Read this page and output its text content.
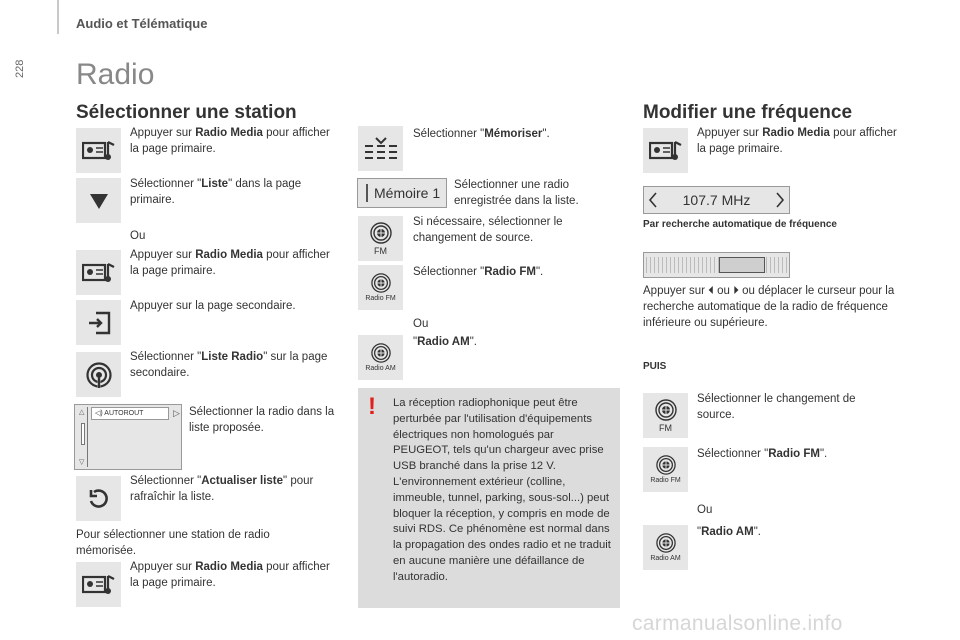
Audio et Télématique
228 Radio
Sélectionner une station
Appuyer sur Radio Media pour afficher la page primaire.
Sélectionner "Liste" dans la page primaire.
Ou
Appuyer sur Radio Media pour afficher la page primaire.
Appuyer sur la page secondaire.
Sélectionner "Liste Radio" sur la page secondaire.
△
▽
◁) AUTOROUT	▷ Sélectionner la radio dans la liste proposée.
Sélectionner "Actualiser liste" pour rafraîchir la liste.
Pour sélectionner une station de radio mémorisée.
Appuyer sur Radio Media pour afficher la page primaire.
Sélectionner "Mémoriser".
Mémoire 1 Sélectionner une radio enregistrée dans la liste.
FM
Si nécessaire, sélectionner le changement de source.
Radio FM
Sélectionner "Radio FM".
Ou
Radio AM
"Radio AM".
! La réception radiophonique peut être perturbée par l'utilisation d'équipements électriques non homologués par PEUGEOT, tels qu'un chargeur avec prise USB branché dans la prise 12 V. L'environnement extérieur (colline, immeuble, tunnel, parking, sous-sol...) peut bloquer la réception, y compris en mode de suivi RDS. Ce phénomène est normal dans la propagation des ondes radio et ne traduit en aucune manière une défaillance de l'autoradio.
Modifier une fréquence
Appuyer sur Radio Media pour afficher la page primaire.
107.7 MHz
Par recherche automatique de fréquence
Appuyer sur ⏴ ou ⏵ ou déplacer le curseur pour la recherche automatique de la radio de fréquence inférieure ou supérieure.
PUIS
FM
Sélectionner le changement de source.
Radio FM
Sélectionner "Radio FM".
Ou
Radio AM
"Radio AM".
carmanualsonline.info
